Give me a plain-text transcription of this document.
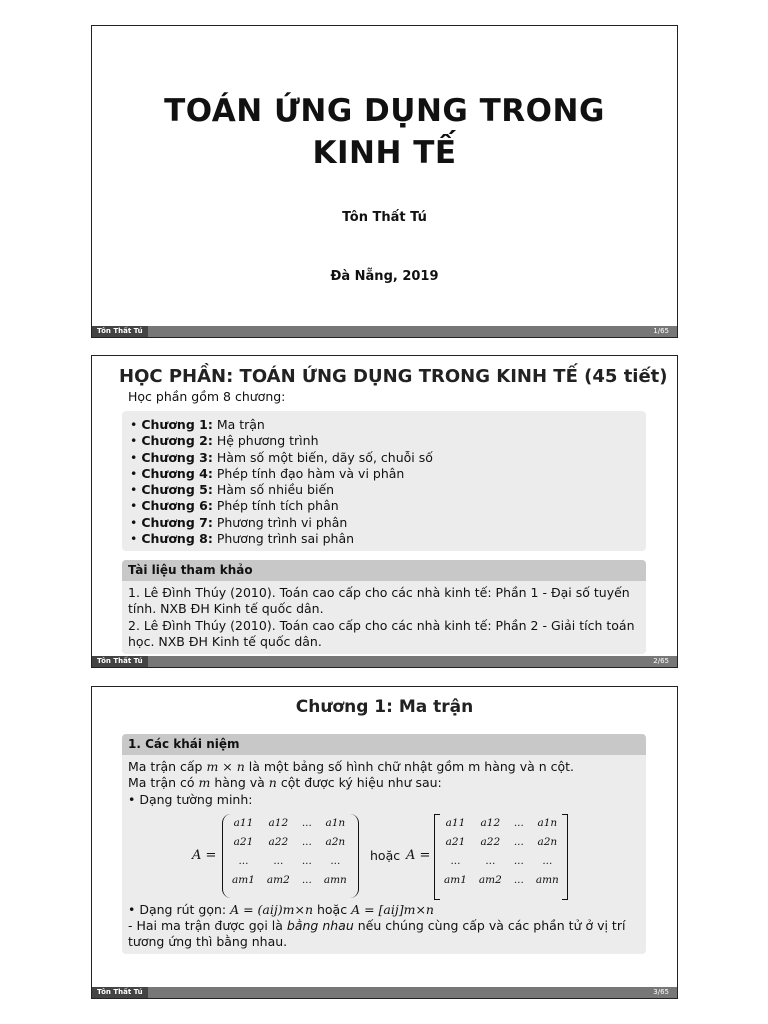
TOÁN ỨNG DỤNG TRONG
KINH TẾ
Tôn Thất Tú
Đà Nẵng, 2019
Tôn Thất Tú	1/65
HỌC PHẦN: TOÁN ỨNG DỤNG TRONG KINH TẾ (45 tiết)
Học phần gồm 8 chương:
• Chương 1: Ma trận
• Chương 2: Hệ phương trình
• Chương 3: Hàm số một biến, dãy số, chuỗi số
• Chương 4: Phép tính đạo hàm và vi phân
• Chương 5: Hàm số nhiều biến
• Chương 6: Phép tính tích phân
• Chương 7: Phương trình vi phân
• Chương 8: Phương trình sai phân
Tài liệu tham khảo
1. Lê Đình Thúy (2010). Toán cao cấp cho các nhà kinh tế: Phần 1 - Đại số tuyến tính. NXB ĐH Kinh tế quốc dân.
2. Lê Đình Thúy (2010). Toán cao cấp cho các nhà kinh tế: Phần 2 - Giải tích toán học. NXB ĐH Kinh tế quốc dân.
Tôn Thất Tú	2/65
Chương 1: Ma trận
1. Các khái niệm
Ma trận cấp m × n là một bảng số hình chữ nhật gồm m hàng và n cột.
Ma trận có m hàng và n cột được ký hiệu như sau:
• Dạng tường minh:
A =
a11	a12	...	a1n
a21	a22	...	a2n
...	...	...	...
am1	am2	...	amn
hoặc A =
a11	a12	...	a1n
a21	a22	...	a2n
...	...	...	...
am1	am2	...	amn
• Dạng rút gọn: A = (aij)m×n hoặc A = [aij]m×n
- Hai ma trận được gọi là bằng nhau nếu chúng cùng cấp và các phần tử ở vị trí tương ứng thì bằng nhau.
Tôn Thất Tú	3/65
